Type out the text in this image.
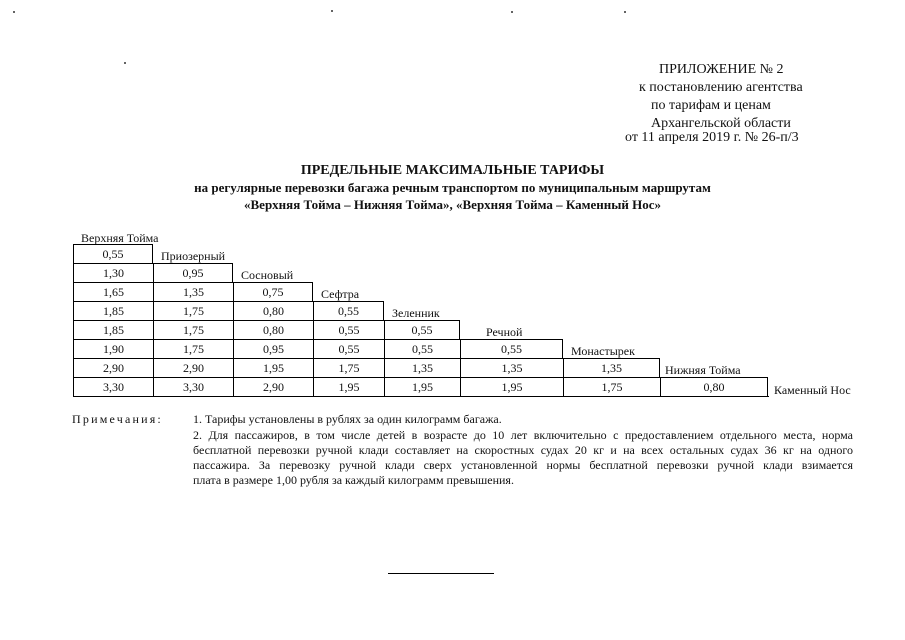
ПРИЛОЖЕНИЕ № 2
к постановлению агентства
по тарифам и ценам
Архангельской области
от 11 апреля 2019 г. № 26-п/3
ПРЕДЕЛЬНЫЕ МАКСИМАЛЬНЫЕ ТАРИФЫ
на регулярные перевозки багажа речным транспортом по муниципальным маршрутам
«Верхняя Тойма – Нижняя Тойма», «Верхняя Тойма – Каменный Нос»
Верхняя Тойма
Приозерный
Сосновый
Сефтра
Зеленник
Речной
Монастырек
Нижняя Тойма
Каменный Нос
0,55
1,30	0,95
1,65	1,35	0,75
1,85	1,75	0,80	0,55
1,85	1,75	0,80	0,55	0,55
1,90	1,75	0,95	0,55	0,55	0,55
2,90	2,90	1,95	1,75	1,35	1,35	1,35
3,30	3,30	2,90	1,95	1,95	1,95	1,75	0,80
Примечания:	1. Тарифы установлены в рублях за один килограмм багажа.
2. Для пассажиров, в том числе детей в возрасте до 10 лет включительно с предоставлением отдельного места, норма
бесплатной перевозки ручной клади составляет на скоростных судах 20 кг и на всех остальных судах 36 кг на одного
пассажира. За перевозку ручной клади сверх установленной нормы бесплатной перевозки ручной клади взимается
плата в размере 1,00 рубля за каждый килограмм превышения.
